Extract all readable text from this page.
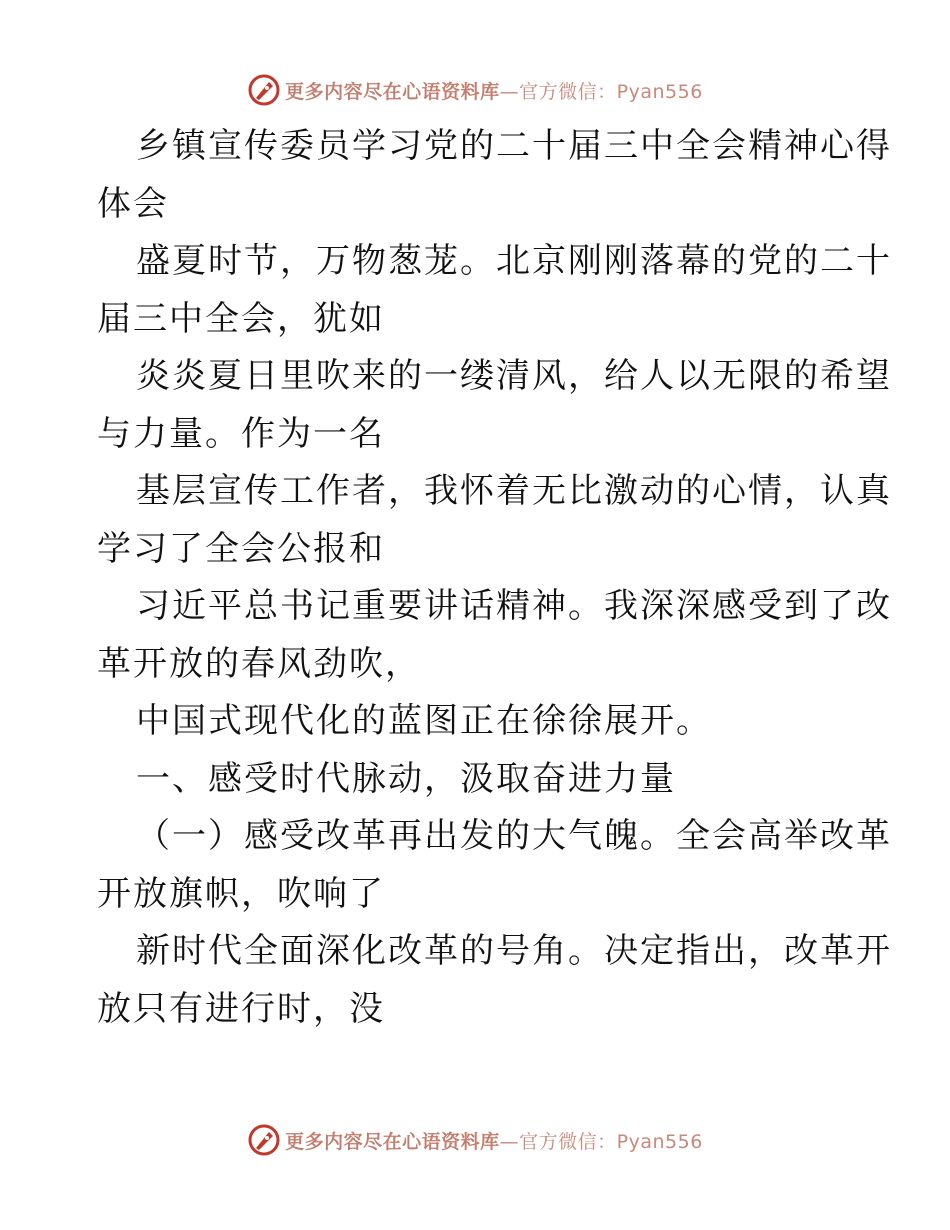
更多内容尽在心语资料库—官方微信：Pyan556
乡镇宣传委员学习党的二十届三中全会精神心得
体会
盛夏时节，万物葱茏。北京刚刚落幕的党的二十
届三中全会，犹如
炎炎夏日里吹来的一缕清风，给人以无限的希望
与力量。作为一名
基层宣传工作者，我怀着无比激动的心情，认真
学习了全会公报和
习近平总书记重要讲话精神。我深深感受到了改
革开放的春风劲吹，
中国式现代化的蓝图正在徐徐展开。
一、感受时代脉动，汲取奋进力量
（一）感受改革再出发的大气魄。全会高举改革
开放旗帜，吹响了
新时代全面深化改革的号角。决定指出，改革开
放只有进行时，没
更多内容尽在心语资料库—官方微信：Pyan556
